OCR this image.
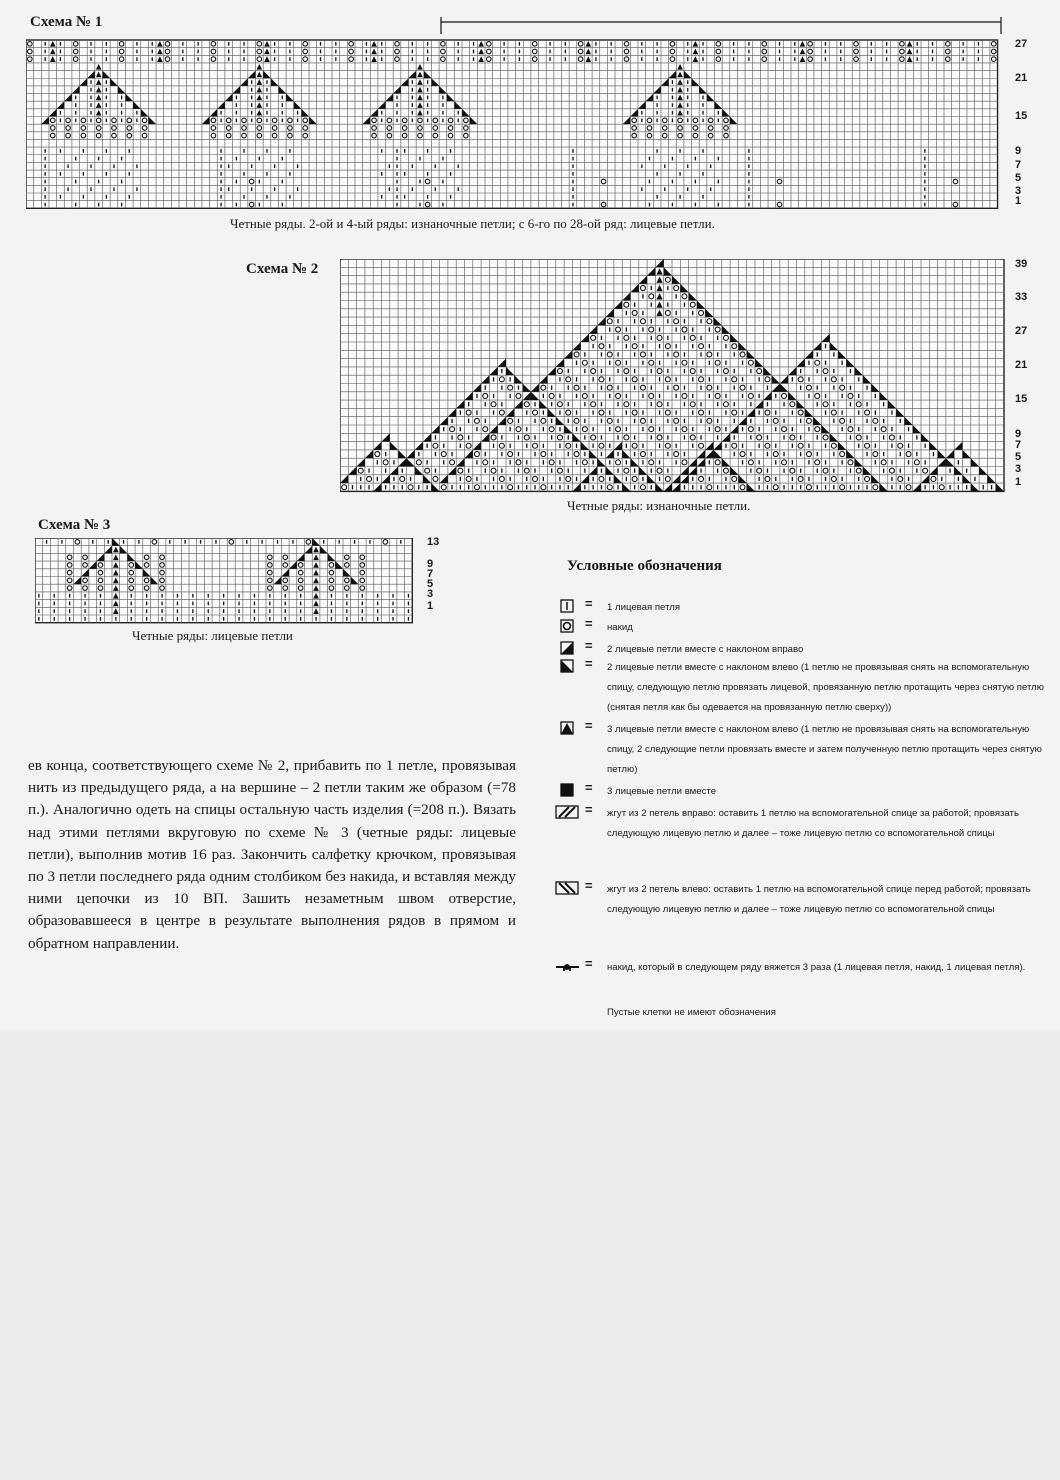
Схема № 1
27
21
15
9
7
5
3
1
Четные ряды. 2-ой и 4-ый ряды: изнаночные петли; с 6-го по 28-ой ряд: лицевые петли.
Схема № 2	39
33
27
21
15
9
7
5
3
1
Четные ряды: изнаночные петли.
Схема № 3
13
9
7
5
3
1
Четные ряды: лицевые петли

ев конца, соответствующего схеме № 2, прибавить по 1 петле, провязывая нить из предыдущего ряда, а на вершине – 2 петли таким же образом (=78 п.). Аналогично одеть на спицы остальную часть изделия (=208 п.). Вязать над этими петлями вкруговую по схеме № 3 (четные ряды: лицевые петли), выполнив мотив 16 раз. Закончить салфетку крючком, провязывая по 3 петли последнего ряда одним столбиком без накида, и вставляя между ними цепочки из 10 ВП. Зашить незаметным швом отверстие, образовавшееся в центре в результате выполнения рядов в прямом и обратном направлении.

Условные обозначения
= 1 лицевая петля
= накид
= 2 лицевые петли вместе с наклоном вправо
= 2 лицевые петли вместе с наклоном влево (1 петлю не провязывая снять на вспомогательную спицу, следующую петлю провязать лицевой, провязанную петлю протащить через снятую петлю (снятая петля как бы одевается на провязанную петлю сверху))
= 3 лицевые петли вместе с наклоном влево (1 петлю не провязывая снять на вспомогательную спицу, 2 следующие петли провязать вместе и затем полученную петлю протащить через снятую петлю)
= 3 лицевые петли вместе
= жгут из 2 петель вправо: оставить 1 петлю на вспомогательной спице за работой; провязать следующую лицевую петлю и далее – тоже лицевую петлю со вспомогательной спицы
= жгут из 2 петель влево: оставить 1 петлю на вспомогательной спице перед работой; провязать следующую лицевую петлю и далее – тоже лицевую петлю со вспомогательной спицы
= накид, который в следующем ряду вяжется 3 раза (1 лицевая петля, накид, 1 лицевая петля).
Пустые клетки не имеют обозначения
